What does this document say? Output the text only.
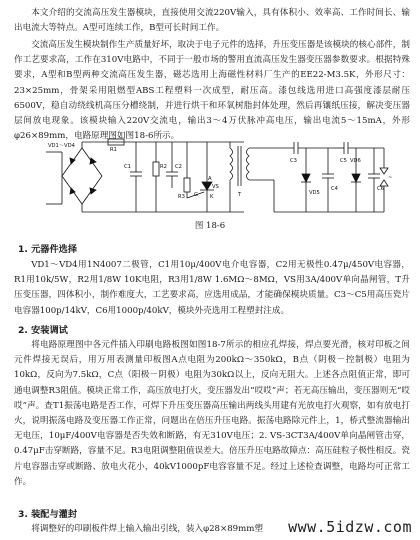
本文介绍的交流高压发生器模块，直接使用交流220V输入，具有体积小、效率高、工作时间长、输出电流大等特点。A型可连续工作，B型可长时间工作。

交流高压发生模块制作生产质量好坏，取决于电子元件的选择，升压变压器是该模块的核心部件，制作工艺要求高，工作在310V电路中，不同于一般市场的警用直流高压发生器变压器参数要求。根据特殊要求，A型和B型两种交流高压发生器，磁芯选用上海磁性材料厂生产的EE22-M3.5K，外形尺寸：23×25mm，骨架采用阻燃型ABS工程塑料一次成型，耐压高。漆包线选用进口高强度漆层耐压6500V，稳自动绕线机高压分槽绕制，并进行烘干和环氧树脂封体处理，然后再镶纸压接，解决变压器层间放电现象。该模块输入220V交流电，输出3～4万伏脉冲高电压，输出电流5～15mA，外形φ26×89mm，电路原理图如图18-6所示。

VD1～VD4
R1
C1	R2 C2
R3
VS
T
A
K
G
C3
C4
C5
C6
VD5
VD6
~
图 18-6

1. 元器件选择

VD1～VD4用1N4007二极管，C1用10μ/400V电介电容器，C2用无极性0.47μ/450V电容器，R1用10k/5W，R2用1/8W 10K电阻，R3用1/8W 1.6MΩ～8MΩ，VS用3A/400V单向晶闸管，T升压变压器，四体积小，制作难度大，工艺要求高，应选用成品，才能确保模块质量。C3～C5用高压瓷片电容器100p/14kV，C6用1000p/40kV，模块外壳选用工程塑封注成。

2. 安装调试

将电路原理图中各元件插入印刷电路板图如图18-7所示的相应孔焊接，焊点要光滑，核对印板之间元件焊接无误后，用万用表测量印板图A点电阻为200kΩ～350kΩ，B点（阴极－控制极）电阻为10kΩ，反向为7.5kΩ，C点（阳极－阴极）电阻为30kΩ以上，反向无阻大。上述各点阻值正常，即可通电调整R3阻值。模块正常工作，高压放电打火，变压器发出“哎哎”声；若无高压输出，变压器则无“哎哎”声。查T1振荡电路是否工作，可焊下升压变压器高压输出两线头用建有光放电打火观察，如有放电打火，说明振荡电路及变压器工作正常，问题出在倍压升压电路。振荡电路除元件上，1，桥式整流器输出无电压，10μF/400V电容器是否失效和断路，有无310V电压；2. VS-3CT3A/400V单向晶闸管击穿，0.47μF击穿断路，容量不足。R3电阻调整阻值误差大。倍压升压电路故障点：高压硅粒子极性相反。瓷片电容器击穿或断路、放电火花小，40kV1000pF电容容量不足。经过上述检查调整，电路均可正常工作。

3. 装配与灌封

将调整好的印刷板件焊上输入输出引线，装入φ28×89mm塑	www.5idzw.com
